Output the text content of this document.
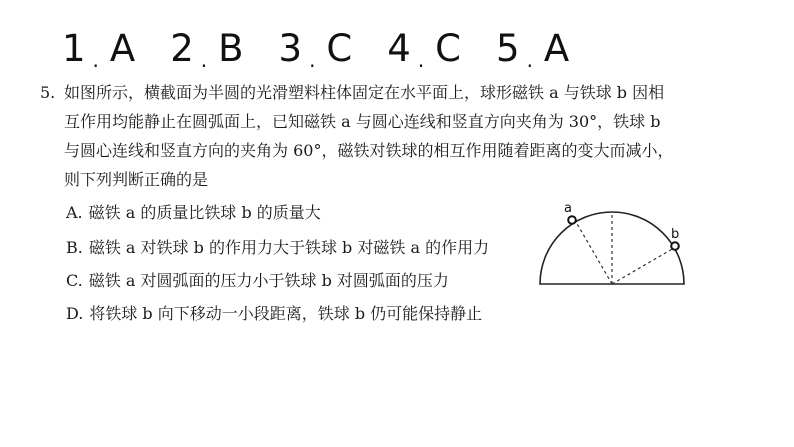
1 . A 2 . B 3 . C 4 . C 5 . A
5. 如图所示，横截面为半圆的光滑塑料柱体固定在水平面上，球形磁铁 a 与铁球 b 因相
互作用均能静止在圆弧面上，已知磁铁 a 与圆心连线和竖直方向夹角为 30°，铁球 b
与圆心连线和竖直方向的夹角为 60°，磁铁对铁球的相互作用随着距离的变大而减小，
则下列判断正确的是
A. 磁铁 a 的质量比铁球 b 的质量大
B. 磁铁 a 对铁球 b 的作用力大于铁球 b 对磁铁 a 的作用力
C. 磁铁 a 对圆弧面的压力小于铁球 b 对圆弧面的压力
D. 将铁球 b 向下移动一小段距离，铁球 b 仍可能保持静止
a
b
